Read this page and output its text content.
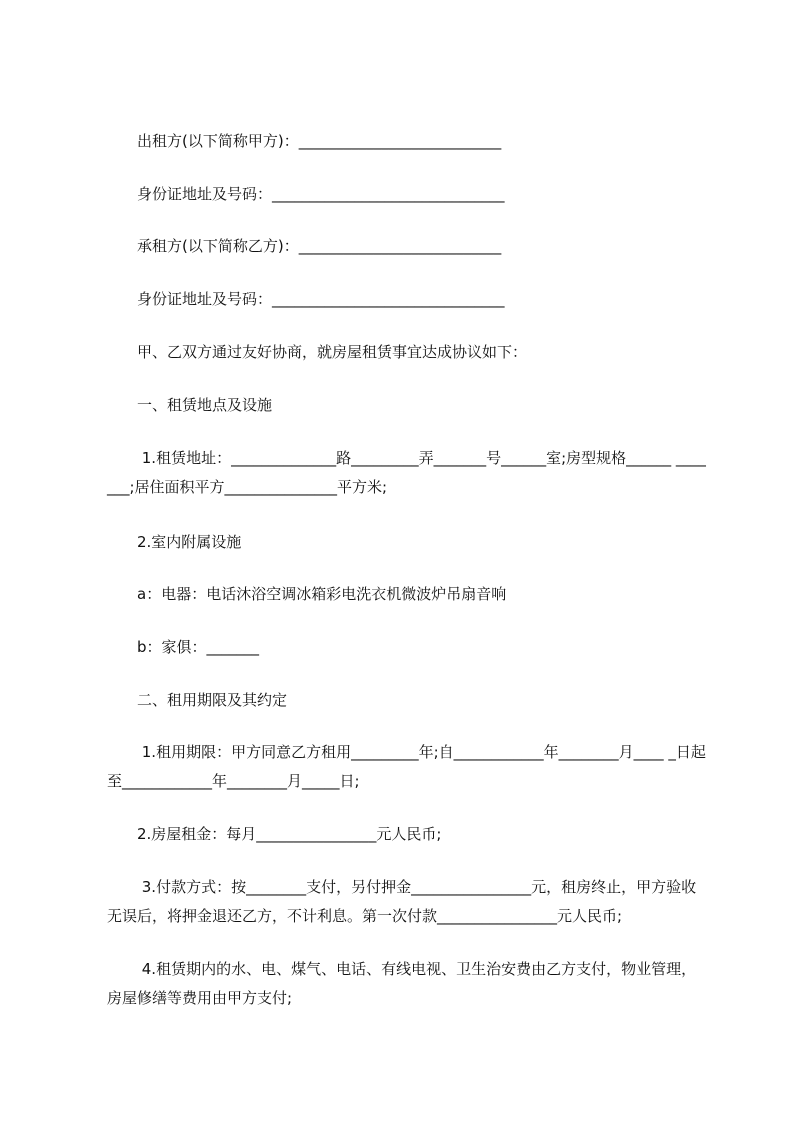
　　出租方(以下简称甲方)：___________________________
　　身份证地址及号码：_______________________________
　　承租方(以下简称乙方)：___________________________
　　身份证地址及号码：_______________________________
　　甲、乙双方通过友好协商，就房屋租赁事宜达成协议如下：
　　一、租赁地点及设施
　　 1.租赁地址：______________路_________弄_______号______室;房型规格______ _______;居住面积平方_______________平方米;
　　2.室内附属设施
　　a：电器：电话沐浴空调冰箱彩电洗衣机微波炉吊扇音响
　　b：家俱：_______
　　二、租用期限及其约定
　　 1.租用期限：甲方同意乙方租用_________年;自____________年________月____ _日起至____________年________月_____日;
　　2.房屋租金：每月________________元人民币;
　　 3.付款方式：按________支付，另付押金________________元，租房终止，甲方验收无误后，将押金退还乙方，不计利息。第一次付款________________元人民币;
　　 4.租赁期内的水、电、煤气、电话、有线电视、卫生治安费由乙方支付，物业管理，房屋修缮等费用由甲方支付;
